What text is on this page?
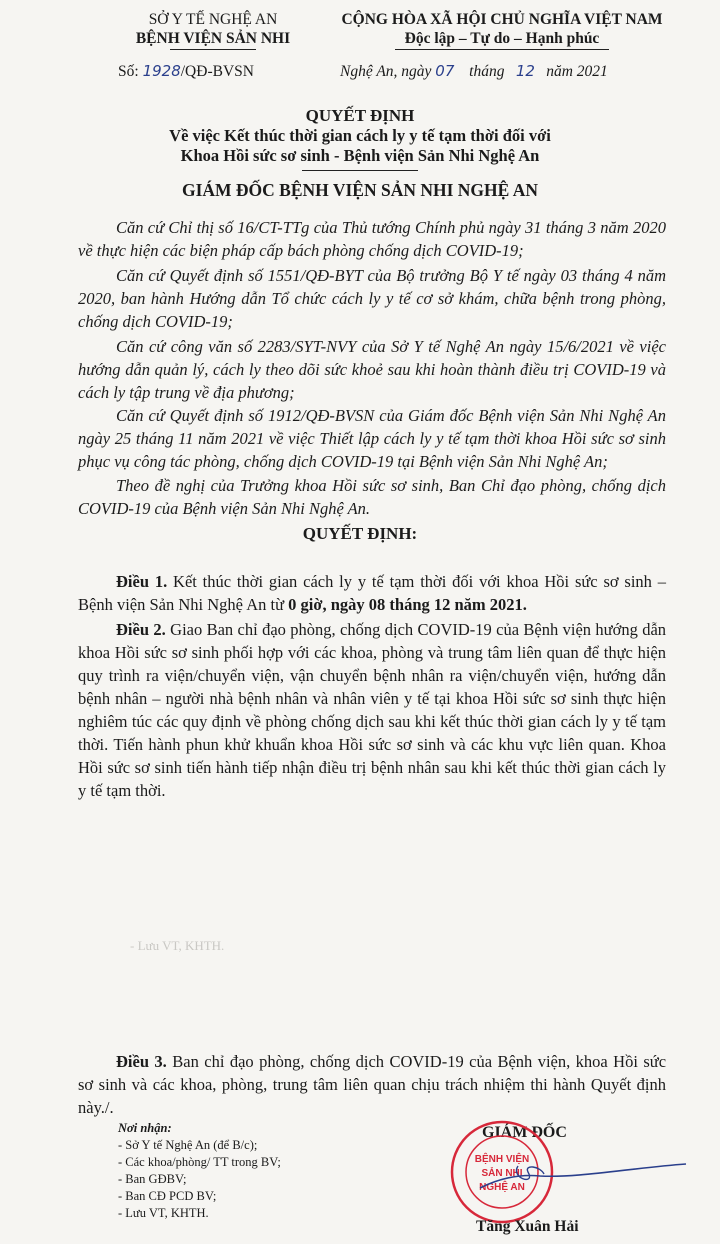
SỞ Y TẾ NGHỆ AN
BỆNH VIỆN SẢN NHI
CỘNG HÒA XÃ HỘI CHỦ NGHĨA VIỆT NAM
Độc lập – Tự do – Hạnh phúc
Số: 1928/QĐ-BVSN	Nghệ An, ngày 07 tháng 12 năm 2021
QUYẾT ĐỊNH
Về việc Kết thúc thời gian cách ly y tế tạm thời đối với
Khoa Hồi sức sơ sinh - Bệnh viện Sản Nhi Nghệ An
GIÁM ĐỐC BỆNH VIỆN SẢN NHI NGHỆ AN

Căn cứ Chỉ thị số 16/CT-TTg của Thủ tướng Chính phủ ngày 31 tháng 3 năm 2020 về thực hiện các biện pháp cấp bách phòng chống dịch COVID-19;

Căn cứ Quyết định số 1551/QĐ-BYT của Bộ trưởng Bộ Y tế ngày 03 tháng 4 năm 2020, ban hành Hướng dẫn Tổ chức cách ly y tế cơ sở khám, chữa bệnh trong phòng, chống dịch COVID-19;

Căn cứ công văn số 2283/SYT-NVY của Sở Y tế Nghệ An ngày 15/6/2021 về việc hướng dẫn quản lý, cách ly theo dõi sức khoẻ sau khi hoàn thành điều trị COVID-19 và cách ly tập trung về địa phương;

Căn cứ Quyết định số 1912/QĐ-BVSN của Giám đốc Bệnh viện Sản Nhi Nghệ An ngày 25 tháng 11 năm 2021 về việc Thiết lập cách ly y tế tạm thời khoa Hồi sức sơ sinh phục vụ công tác phòng, chống dịch COVID-19 tại Bệnh viện Sản Nhi Nghệ An;

Theo đề nghị của Trưởng khoa Hồi sức sơ sinh, Ban Chỉ đạo phòng, chống dịch COVID-19 của Bệnh viện Sản Nhi Nghệ An.

QUYẾT ĐỊNH:

Điều 1. Kết thúc thời gian cách ly y tế tạm thời đối với khoa Hồi sức sơ sinh – Bệnh viện Sản Nhi Nghệ An từ 0 giờ, ngày 08 tháng 12 năm 2021.

Điều 2. Giao Ban chỉ đạo phòng, chống dịch COVID-19 của Bệnh viện hướng dẫn khoa Hồi sức sơ sinh phối hợp với các khoa, phòng và trung tâm liên quan để thực hiện quy trình ra viện/chuyển viện, vận chuyển bệnh nhân ra viện/chuyển viện, hướng dẫn bệnh nhân – người nhà bệnh nhân và nhân viên y tế tại khoa Hồi sức sơ sinh thực hiện nghiêm túc các quy định về phòng chống dịch sau khi kết thúc thời gian cách ly y tế tạm thời. Tiến hành phun khử khuẩn khoa Hồi sức sơ sinh và các khu vực liên quan. Khoa Hồi sức sơ sinh tiến hành tiếp nhận điều trị bệnh nhân sau khi kết thúc thời gian cách ly y tế tạm thời.

- Lưu VT, KHTH.

Điều 3. Ban chỉ đạo phòng, chống dịch COVID-19 của Bệnh viện, khoa Hồi sức sơ sinh và các khoa, phòng, trung tâm liên quan chịu trách nhiệm thi hành Quyết định này./.

Nơi nhận:
- Sở Y tế Nghệ An (để B/c);
- Các khoa/phòng/ TT trong BV;
- Ban GĐBV;
- Ban CĐ PCD BV;
- Lưu VT, KHTH.
GIÁM ĐỐC
BỆNH VIỆN
SẢN NHI
NGHỆ AN
Tăng Xuân Hải
